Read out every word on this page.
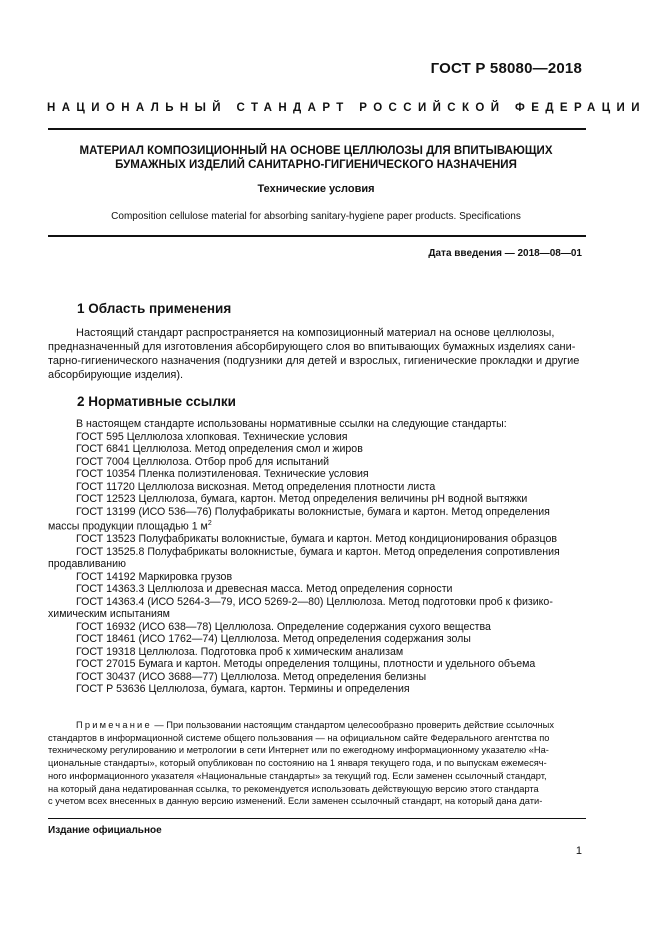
ГОСТ Р 58080—2018
НАЦИОНАЛЬНЫЙ СТАНДАРТ РОССИЙСКОЙ ФЕДЕРАЦИИ
МАТЕРИАЛ КОМПОЗИЦИОННЫЙ НА ОСНОВЕ ЦЕЛЛЮЛОЗЫ ДЛЯ ВПИТЫВАЮЩИХ
БУМАЖНЫХ ИЗДЕЛИЙ САНИТАРНО-ГИГИЕНИЧЕСКОГО НАЗНАЧЕНИЯ
Технические условия
Composition cellulose material for absorbing sanitary-hygiene paper products. Specifications
Дата введения — 2018—08—01
1 Область применения
Настоящий стандарт распространяется на композиционный материал на основе целлюлозы,
предназначенный для изготовления абсорбирующего слоя во впитывающих бумажных изделиях сани-
тарно-гигиенического назначения (подгузники для детей и взрослых, гигиенические прокладки и другие
абсорбирующие изделия).
2 Нормативные ссылки
В настоящем стандарте использованы нормативные ссылки на следующие стандарты:
ГОСТ 595 Целлюлоза хлопковая. Технические условия
ГОСТ 6841 Целлюлоза. Метод определения смол и жиров
ГОСТ 7004 Целлюлоза. Отбор проб для испытаний
ГОСТ 10354 Пленка полиэтиленовая. Технические условия
ГОСТ 11720 Целлюлоза вискозная. Метод определения плотности листа
ГОСТ 12523 Целлюлоза, бумага, картон. Метод определения величины pH водной вытяжки
ГОСТ 13199 (ИСО 536—76) Полуфабрикаты волокнистые, бумага и картон. Метод определения
массы продукции площадью 1 $м^2$
ГОСТ 13523 Полуфабрикаты волокнистые, бумага и картон. Метод кондиционирования образцов
ГОСТ 13525.8 Полуфабрикаты волокнистые, бумага и картон. Метод определения сопротивления
продавливанию
ГОСТ 14192 Маркировка грузов
ГОСТ 14363.3 Целлюлоза и древесная масса. Метод определения сорности
ГОСТ 14363.4 (ИСО 5264-3—79, ИСО 5269-2—80) Целлюлоза. Метод подготовки проб к физико-
химическим испытаниям
ГОСТ 16932 (ИСО 638—78) Целлюлоза. Определение содержания сухого вещества
ГОСТ 18461 (ИСО 1762—74) Целлюлоза. Метод определения содержания золы
ГОСТ 19318 Целлюлоза. Подготовка проб к химическим анализам
ГОСТ 27015 Бумага и картон. Методы определения толщины, плотности и удельного объема
ГОСТ 30437 (ИСО 3688—77) Целлюлоза. Метод определения белизны
ГОСТ Р 53636 Целлюлоза, бумага, картон. Термины и определения
Примечание — При пользовании настоящим стандартом целесообразно проверить действие ссылочных
стандартов в информационной системе общего пользования — на официальном сайте Федерального агентства по
техническому регулированию и метрологии в сети Интернет или по ежегодному информационному указателю «На-
циональные стандарты», который опубликован по состоянию на 1 января текущего года, и по выпускам ежемесяч-
ного информационного указателя «Национальные стандарты» за текущий год. Если заменен ссылочный стандарт,
на который дана недатированная ссылка, то рекомендуется использовать действующую версию этого стандарта
с учетом всех внесенных в данную версию изменений. Если заменен ссылочный стандарт, на который дана дати-
Издание официальное
1
